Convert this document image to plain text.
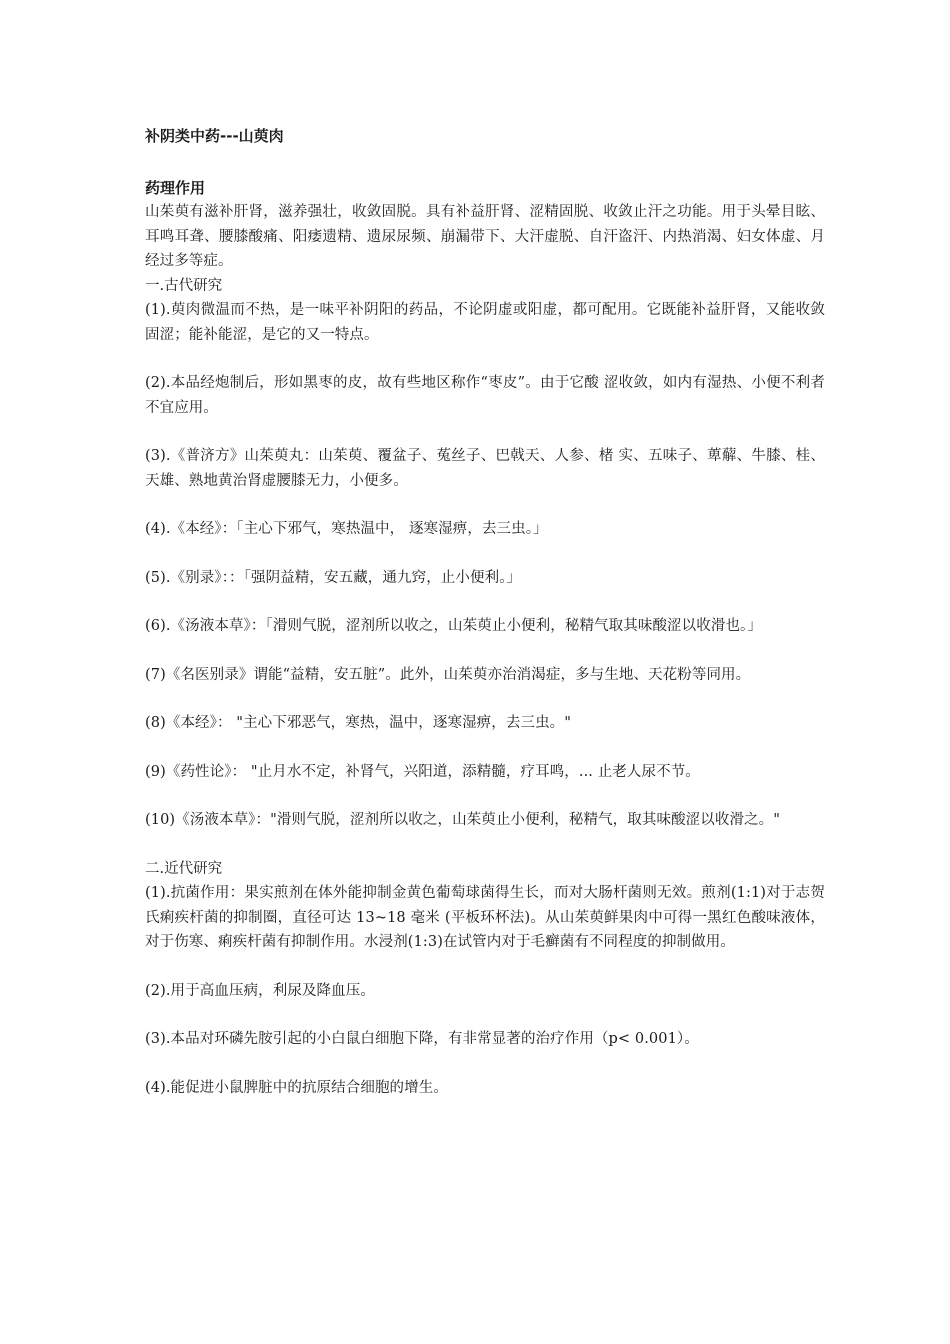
补阴类中药---山萸肉

药理作用

山茱萸有滋补肝肾，滋养强壮，收敛固脱。具有补益肝肾、涩精固脱、收敛止汗之功能。用于头晕目眩、耳鸣耳聋、腰膝酸痛、阳痿遗精、遗尿尿频、崩漏带下、大汗虚脱、自汗盗汗、内热消渴、妇女体虚、月经过多等症。

一.古代研究

(1).萸肉微温而不热，是一味平补阴阳的药品，不论阴虚或阳虚，都可配用。它既能补益肝肾，又能收敛固涩；能补能涩，是它的又一特点。

(2).本品经炮制后，形如黑枣的皮，故有些地区称作“枣皮”。由于它酸 涩收敛，如内有湿热、小便不利者不宜应用。

(3).《普济方》山茱萸丸：山茱萸、覆盆子、菟丝子、巴戟天、人参、楮 实、五味子、萆薢、牛膝、桂、天雄、熟地黄治肾虚腰膝无力，小便多。

(4).《本经》：「主心下邪气，寒热温中， 逐寒湿痹，去三虫。」

(5).《别录》：：「强阴益精，安五藏，通九窍，止小便利。」

(6).《汤液本草》：「滑则气脱，涩剂所以收之，山茱萸止小便利，秘精气取其味酸涩以收滑也。」

(7)《名医别录》谓能“益精，安五脏”。此外，山茱萸亦治消渴症，多与生地、天花粉等同用。

(8)《本经》： "主心下邪恶气，寒热，温中，逐寒湿痹，去三虫。"

(9)《药性论》： "止月水不定，补肾气，兴阳道，添精髓，疗耳鸣，... 止老人尿不节。

(10)《汤液本草》："滑则气脱，涩剂所以收之，山茱萸止小便利，秘精气，取其味酸涩以收滑之。"

二.近代研究

(1).抗菌作用：果实煎剂在体外能抑制金黄色葡萄球菌得生长，而对大肠杆菌则无效。煎剂(1:1)对于志贺氏痢疾杆菌的抑制圈，直径可达 13~18 毫米 (平板环杯法)。从山茱萸鲜果肉中可得一黑红色酸味液体，对于伤寒、痢疾杆菌有抑制作用。水浸剂(1:3)在试管内对于毛癣菌有不同程度的抑制做用。

(2).用于高血压病，利尿及降血压。

(3).本品对环磷先胺引起的小白鼠白细胞下降，有非常显著的治疗作用（p< 0.001）。

(4).能促进小鼠脾脏中的抗原结合细胞的增生。
